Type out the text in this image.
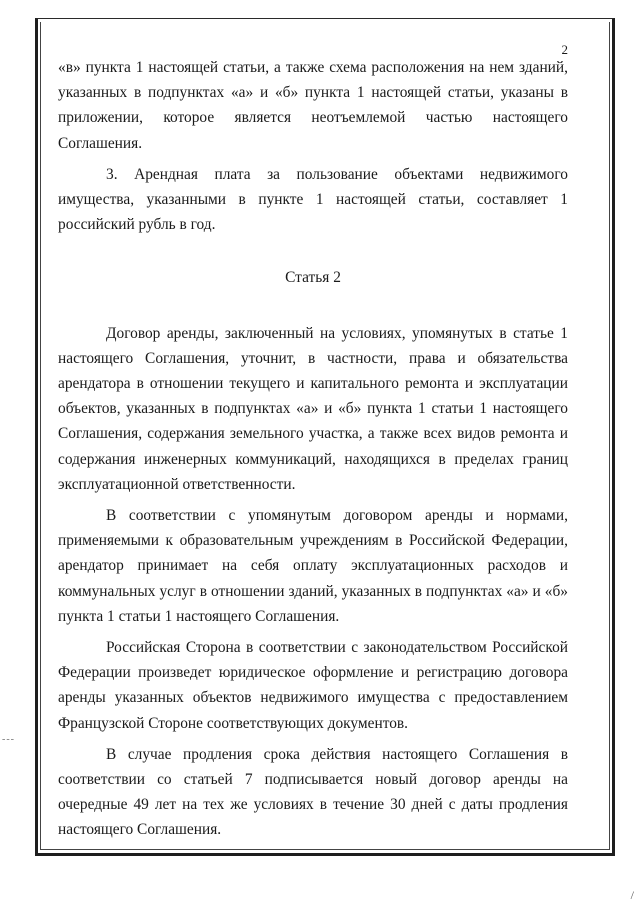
2

«в» пункта 1 настоящей статьи, а также схема расположения на нем зданий, указанных в подпунктах «а» и «б» пункта 1 настоящей статьи, указаны в приложении, которое является неотъемлемой частью настоящего Соглашения.

3. Арендная плата за пользование объектами недвижимого имущества, указанными в пункте 1 настоящей статьи, составляет 1 российский рубль в год.

Статья 2

Договор аренды, заключенный на условиях, упомянутых в статье 1 настоящего Соглашения, уточнит, в частности, права и обязательства арендатора в отношении текущего и капитального ремонта и эксплуатации объектов, указанных в подпунктах «а» и «б» пункта 1 статьи 1 настоящего Соглашения, содержания земельного участка, а также всех видов ремонта и содержания инженерных коммуникаций, находящихся в пределах границ эксплуатационной ответственности.

В соответствии с упомянутым договором аренды и нормами, применяемыми к образовательным учреждениям в Российской Федерации, арендатор принимает на себя оплату эксплуатационных расходов и коммунальных услуг в отношении зданий, указанных в подпунктах «а» и «б» пункта 1 статьи 1 настоящего Соглашения.

Российская Сторона в соответствии с законодательством Российской Федерации произведет юридическое оформление и регистрацию договора аренды указанных объектов недвижимого имущества с предоставлением Французской Стороне соответствующих документов.

В случае продления срока действия настоящего Соглашения в соответствии со статьей 7 подписывается новый договор аренды на очередные 49 лет на тех же условиях в течение 30 дней с даты продления настоящего Соглашения.

---
/
